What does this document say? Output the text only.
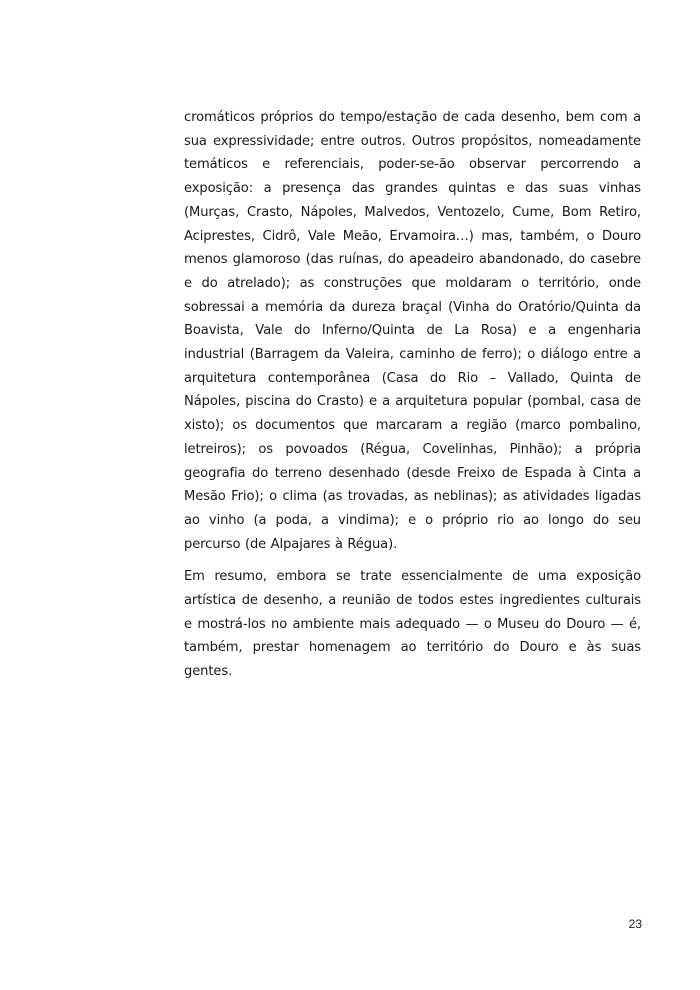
cromáticos próprios do tempo/estação de cada desenho, bem com a sua expressividade; entre outros. Outros propósitos, nomeadamente temáticos e referenciais, poder-se-ão observar percorrendo a exposição: a presença das grandes quintas e das suas vinhas (Murças, Crasto, Nápoles, Malvedos, Ventozelo, Cume, Bom Retiro, Aciprestes, Cidrô, Vale Meão, Ervamoira…) mas, também, o Douro menos glamoroso (das ruínas, do apeadeiro abandonado, do casebre e do atrelado); as construções que moldaram o território, onde sobressai a memória da dureza braçal (Vinha do Oratório/Quinta da Boavista, Vale do Inferno/Quinta de La Rosa) e a engenharia industrial (Barragem da Valeira, caminho de ferro); o diálogo entre a arquitetura contemporânea (Casa do Rio – Vallado, Quinta de Nápoles, piscina do Crasto) e a arquitetura popular (pombal, casa de xisto); os documentos que marcaram a região (marco pombalino, letreiros); os povoados (Régua, Covelinhas, Pinhão); a própria geografia do terreno desenhado (desde Freixo de Espada à Cinta a Mesão Frio); o clima (as trovadas, as neblinas); as atividades ligadas ao vinho (a poda, a vindima); e o próprio rio ao longo do seu percurso (de Alpajares à Régua).

Em resumo, embora se trate essencialmente de uma exposição artística de desenho, a reunião de todos estes ingredientes culturais e mostrá-los no ambiente mais adequado — o Museu do Douro — é, também, prestar homenagem ao território do Douro e às suas gentes.

23
